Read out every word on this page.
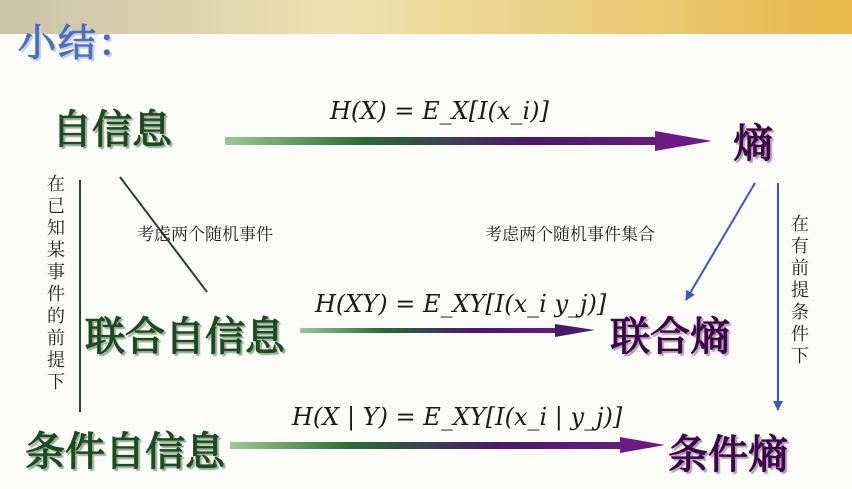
小结：
自信息	熵
联合自信息	联合熵
条件自信息	条件熵
H(X) = E_X[I(x_i)]
H(XY) = E_XY[I(x_i y_j)]
H(X | Y) = E_XY[I(x_i | y_j)]
考虑两个随机事件	考虑两个随机事件集合
在已知某事件的前提下
在有前提条件下
